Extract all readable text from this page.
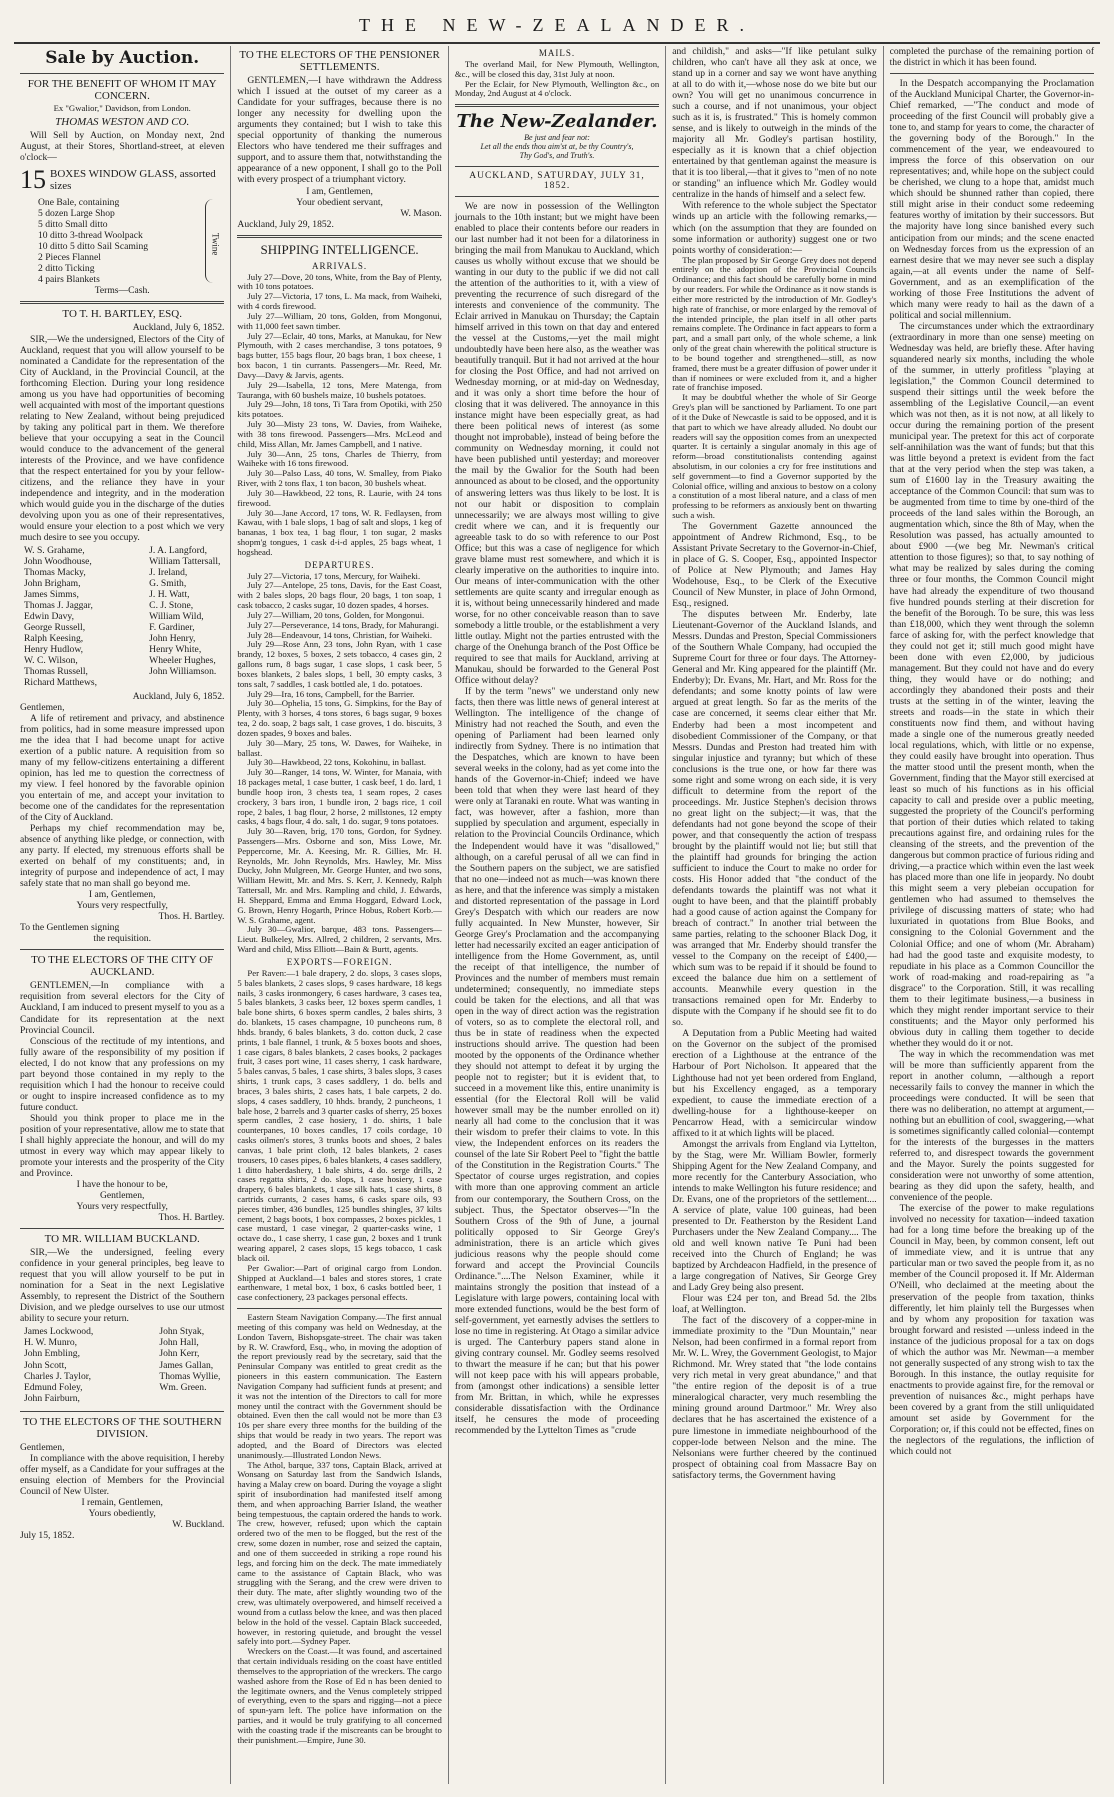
THE NEW-ZEALANDER.
Sale by Auction.
FOR THE BENEFIT OF WHOM IT MAY CONCERN.

Ex "Gwalior," Davidson, from London.

THOMAS WESTON AND CO.

Will Sell by Auction, on Monday next, 2nd August, at their Stores, Shortland-street, at eleven o'clock—

15 BOXES WINDOW GLASS, assorted sizes

One Bale, containing

5 dozen Large Shop

5 ditto Small ditto

10 ditto 3-thread Woolpack

10 ditto 5 ditto Sail Scaming

2 Pieces Flannel

2 ditto Ticking

4 pairs Blankets

Twine

Terms—Cash.

TO T. H. BARTLEY, ESQ.

Auckland, July 6, 1852.

SIR,—We the undersigned, Electors of the City of Auckland, request that you will allow yourself to be nominated a Candidate for the representation of the City of Auckland, in the Provincial Council, at the forthcoming Election. During your long residence among us you have had opportunities of becoming well acquainted with most of the important questions relating to New Zealand, without being prejudiced by taking any political part in them. We therefore believe that your occupying a seat in the Council would conduce to the advancement of the general interests of the Province, and we have confidence that the respect entertained for you by your fellow-citizens, and the reliance they have in your independence and integrity, and in the moderation which would guide you in the discharge of the duties devolving upon you as one of their representatives, would ensure your election to a post which we very much desire to see you occupy.

W. S. Grahame,

John Woodhouse,

Thomas Macky,

John Brigham,

James Simms,

Thomas J. Jaggar,

Edwin Davy,

George Russell,

Ralph Keesing,

Henry Hudlow,

W. C. Wilson,

Thomas Russell,

Richard Matthews,

J. A. Langford,

William Tattersall,

J. Ireland,

G. Smith,

J. H. Watt,

C. J. Stone,

William Wild,

F. Gardiner,

John Henry,

Henry White,

Wheeler Hughes,

John Williamson.

Auckland, July 6, 1852.

Gentlemen,

A life of retirement and privacy, and abstinence from politics, had in some measure impressed upon me the idea that I had become unapt for active exertion of a public nature. A requisition from so many of my fellow-citizens entertaining a different opinion, has led me to question the correctness of my view. I feel honored by the favorable opinion you entertain of me, and accept your invitation to become one of the candidates for the representation of the City of Auckland.

Perhaps my chief recommendation may be, absence of anything like pledge, or connection, with any party. If elected, my strenuous efforts shall be exerted on behalf of my constituents; and, in integrity of purpose and independence of act, I may safely state that no man shall go beyond me.

I am, Gentlemen,

Yours very respectfully,

Thos. H. Bartley.

To the Gentlemen signing

the requisition.

TO THE ELECTORS OF THE CITY OF AUCKLAND.

GENTLEMEN,—In compliance with a requisition from several electors for the City of Auckland, I am induced to present myself to you as a Candidate for its representation at the next Provincial Council.

Conscious of the rectitude of my intentions, and fully aware of the responsibility of my position if elected, I do not know that any professions on my part beyond those contained in my reply to the requisition which I had the honour to receive could or ought to inspire increased confidence as to my future conduct.

Should you think proper to place me in the position of your representative, allow me to state that I shall highly appreciate the honour, and will do my utmost in every way which may appear likely to promote your interests and the prosperity of the City and Province.

I have the honour to be,

Gentlemen,

Yours very respectfully,

Thos. H. Bartley.

TO MR. WILLIAM BUCKLAND.

SIR,—We the undersigned, feeling every confidence in your general principles, beg leave to request that you will allow yourself to be put in nomination for a Seat in the next Legislative Assembly, to represent the District of the Southern Division, and we pledge ourselves to use our utmost ability to secure your return.

James Lockwood,

H. W. Munro,

John Embling,

John Scott,

Charles J. Taylor,

Edmund Foley,

John Fairburn,

John Styak,

John Hall,

John Kerr,

James Gallan,

Thomas Wyllie,

Wm. Green.

TO THE ELECTORS OF THE SOUTHERN DIVISION.

Gentlemen,

In compliance with the above requisition, I hereby offer myself, as a Candidate for your suffrages at the ensuing election of Members for the Provincial Council of New Ulster.

I remain, Gentlemen,

Yours obediently,

W. Buckland.

July 15, 1852.

TO THE ELECTORS OF THE PENSIONER SETTLEMENTS.

GENTLEMEN,—I have withdrawn the Address which I issued at the outset of my career as a Candidate for your suffrages, because there is no longer any necessity for dwelling upon the arguments they contained; but I wish to take this special opportunity of thanking the numerous Electors who have tendered me their suffrages and support, and to assure them that, notwithstanding the appearance of a new opponent, I shall go to the Poll with every prospect of a triumphant victory.

I am, Gentlemen,

Your obedient servant,

W. Mason.

Auckland, July 29, 1852.

SHIPPING INTELLIGENCE.
ARRIVALS.

July 27—Dove, 20 tons, White, from the Bay of Plenty, with 10 tons potatoes.

July 27—Victoria, 17 tons, L. Ma mack, from Waiheki, with 4 cords firewood.

July 27—William, 20 tons, Golden, from Mongonui, with 11,000 feet sawn timber.

July 27—Eclair, 40 tons, Marks, at Manukau, for New Plymouth, with 2 cases merchandise, 3 tons potatoes, 9 bags butter, 155 bags flour, 20 bags bran, 1 box cheese, 1 box bacon, 1 tin currants. Passengers—Mr. Reed, Mr. Davy—Davy & Jarvis, agents.

July 29—Isabella, 12 tons, Mere Matenga, from Tauranga, with 60 bushels maize, 10 bushels potatoes.

July 29—John, 18 tons, Ti Tara from Opotiki, with 250 kits potatoes.

July 30—Misty 23 tons, W. Davies, from Waiheke, with 38 tons firewood. Passengers—Mrs. McLeod and child, Miss Allan, Mr. James Campbell, and 1 native.

July 30—Ann, 25 tons, Charles de Thierry, from Waiheke with 16 tons firewood.

July 30—Palso Lass, 40 tons, W. Smalley, from Piako River, with 2 tons flax, 1 ton bacon, 30 bushels wheat.

July 30—Hawkbeod, 22 tons, R. Laurie, with 24 tons firewood.

July 30—Jane Accord, 17 tons, W. R. Fedlaysen, from Kawau, with 1 bale slops, 1 bag of salt and slops, 1 keg of bananas, 1 box tea, 1 bag flour, 1 ton sugar, 2 masks shopm'g tongues, 1 cask d-i-d apples, 25 bags wheat, 1 hogshead.

DEPARTURES.

July 27—Victoria, 17 tons, Mercury, for Waiheki.

July 27—Antelope, 25 tons, Davis, for the East Coast, with 2 bales slops, 20 bags flour, 20 bags, 1 ton soap, 1 cask tobacco, 2 casks sugar, 10 dozen spades, 4 horses.

July 27—William, 20 tons, Golden, for Mongonui.

July 27—Perseverance, 14 tons, Brady, for Mahurangi.

July 28—Endeavour, 14 tons, Christian, for Waiheki.

July 29—Rose Ann, 23 tons, John Ryan, with 1 case brandy, 12 boxes, 5 boxes, 2 sets tobacco, 4 cases gin, 2 gallons rum, 8 bags sugar, 1 case slops, 1 cask beer, 5 boxes blankets, 2 bales slops, 1 bell, 30 empty casks, 3 tons salt, 7 saddles, 1 cask bottled ale, 1 do. potatoes.

July 29—Ira, 16 tons, Campbell, for the Barrier.

July 30—Ophelia, 15 tons, G. Simpkins, for the Bay of Plenty, with 3 horses, 4 tons stores, 6 bags sugar, 9 boxes tea, 2 do. soap, 2 bags salt, 1 case groves, 1 do. biscuits, 3 dozen spades, 9 boxes and bales.

July 30—Mary, 25 tons, W. Dawes, for Waiheke, in ballast.

July 30—Hawkbeod, 22 tons, Kokohinu, in ballast.

July 30—Ranger, 14 tons, W. Winter, for Manaia, with 18 packages metal, 1 case butter, 1 cask beef, 1 do. lard, 1 bundle hoop iron, 3 chests tea, 1 seam ropes, 2 cases crockery, 3 bars iron, 1 bundle iron, 2 bags rice, 1 coil rope, 2 bales, 1 bag flour, 2 horse, 2 millstones, 12 empty casks, 4 bags flour, 4 do. salt, 1 do. sugar, 9 tons potatoes.

July 30—Raven, brig, 170 tons, Gordon, for Sydney. Passengers—Mrs. Osborne and son, Miss Lowe, Mr. Peppercorne, Mr. A. Keesing, Mr. R. Gillies, Mr. H. Reynolds, Mr. John Reynolds, Mrs. Hawley, Mr. Miss Ducky, John Mulgreen, Mr. George Hunter, and two sons, William Hewitt, Mr. and Mrs. S. Kerr, J. Kennedy, Ralph Tattersall, Mr. and Mrs. Rampling and child, J. Edwards, H. Sheppard, Emma and Emma Hoggard, Edward Lock, G. Brown, Henry Hogarth, Prince Hobus, Robert Korb.—W. S. Grahame, agent.

July 30—Gwalior, barque, 483 tons. Passengers—Lieut. Bulkeley, Mrs. Allred, 2 children, 2 servants, Mrs. Ward and child, Miss Elliott—Bain & Burtt, agents.

EXPORTS—FOREIGN.

Per Raven:—1 bale drapery, 2 do. slops, 3 cases slops, 5 bales blankets, 2 cases slops, 9 cases hardware, 18 kegs nails, 3 casks ironmongery, 6 cases hardware, 3 cases tea, 5 bales blankets, 3 casks beer, 12 boxes sperm candles, 1 bale bone shirts, 6 boxes sperm candles, 2 bales shirts, 3 do. blankets, 15 cases champagne, 10 puncheons rum, 8 hhds. brandy, 6 bales blankets, 3 do. cotton duck, 2 case prints, 1 bale flannel, 1 trunk, & 5 boxes boots and shoes, 1 case cigars, 8 bales blankets, 2 cases books, 2 packages fruit, 3 cases port wine, 11 cases sherry, 1 cask hardware, 5 bales canvas, 5 bales, 1 case shirts, 3 bales slops, 3 cases shirts, 1 trunk caps, 3 cases saddlery, 1 do. bells and braces, 3 bales shirts, 2 cases hats, 1 bale carpets, 2 do. slops, 4 cases saddlery, 10 hhds. brandy, 2 puncheons, 1 bale hose, 2 barrels and 3 quarter casks of sherry, 25 boxes sperm candles, 2 case hosiery, 1 do. shirts, 1 bale counterpanes, 10 boxes candles, 17 coils cordage, 10 casks oilmen's stores, 3 trunks boots and shoes, 2 bales canvas, 1 bale print cloth, 12 bales blankets, 2 cases trousers, 10 cases pipes, 6 bales blankets, 4 cases saddlery, 1 ditto haberdashery, 1 bale shirts, 4 do. serge drills, 2 cases regatta shirts, 2 do. slops, 1 case hosiery, 1 case drapery, 6 bales blankets, 1 case silk hats, 1 case shirts, 8 cartrids currants, 2 cases hams, 6 casks spare oils, 93 pieces timber, 436 bundles, 125 bundles shingles, 37 kilts cement, 2 bags boots, 1 box compasses, 2 boxes pickles, 1 case mustard, 1 case vinegar, 2 quarter-casks wine, 1 octave do., 1 case sherry, 1 case gun, 2 boxes and 1 trunk wearing apparel, 2 cases slops, 15 kegs tobacco, 1 cask black oil.

Per Gwalior:—Part of original cargo from London. Shipped at Auckland—1 bales and stores stores, 1 crate earthenware, 1 metal box, 1 box, 6 casks bottled beer, 1 case confectionery, 23 packages personal effects.

Eastern Steam Navigation Company.—The first annual meeting of this company was held on Wednesday, at the London Tavern, Bishopsgate-street. The chair was taken by R. W. Crawford, Esq., who, in moving the adoption of the report previously read by the secretary, said that the Peninsular Company was entitled to great credit as the pioneers in this eastern communication. The Eastern Navigation Company had sufficient funds at present; and it was not the intention of the Directors to call for more money until the contract with the Government should be obtained. Even then the call would not be more than £3 10s per share every three months for the building of the ships that would be ready in two years. The report was adopted, and the Board of Directors was elected unanimously.—Illustrated London News.

The Athol, barque, 337 tons, Captain Black, arrived at Wonsang on Saturday last from the Sandwich Islands, having a Malay crew on board. During the voyage a slight spirit of insubordination had manifested itself among them, and when approaching Barrier Island, the weather being tempestuous, the captain ordered the hands to work. The crew, however, refused; upon which the captain ordered two of the men to be flogged, but the rest of the crew, some dozen in number, rose and seized the captain, and one of them succeeded in striking a rope round his legs, and forcing him on the deck. The mate immediately came to the assistance of Captain Black, who was struggling with the Serang, and the crew were driven to their duty. The mate, after slightly wounding two of the crew, was ultimately overpowered, and himself received a wound from a cutlass below the knee, and was then placed below in the hold of the vessel. Captain Black succeeded, however, in restoring quietude, and brought the vessel safely into port.—Sydney Paper.

Wreckers on the Coast.—It was found, and ascertained that certain individuals residing on the coast have entitled themselves to the appropriation of the wreckers. The cargo washed ashore from the Rose of Ed n has been denied to the legitimate owners, and the Venus completely stripped of everything, even to the spars and rigging—not a piece of spun-yarn left. The police have information on the parties, and it would be truly gratifying to all concerned with the coasting trade if the miscreants can be brought to their punishment.—Empire, June 30.

MAILS.

The overland Mail, for New Plymouth, Wellington, &c., will be closed this day, 31st July at noon.

Per the Eclair, for New Plymouth, Wellington &c., on Monday, 2nd August at 4 o'clock.

The New-Zealander.
Be just and fear not:
Let all the ends thou aim'st at, be thy Country's,
Thy God's, and Truth's.
AUCKLAND, SATURDAY, JULY 31, 1852.

We are now in possession of the Wellington journals to the 10th instant; but we might have been enabled to place their contents before our readers in our last number had it not been for a dilatoriness in bringing the mail from Manukau to Auckland, which causes us wholly without excuse that we should be wanting in our duty to the public if we did not call the attention of the authorities to it, with a view of preventing the recurrence of such disregard of the interests and convenience of the community. The Eclair arrived in Manukau on Thursday; the Captain himself arrived in this town on that day and entered the vessel at the Customs,—yet the mail might undoubtedly have been here also, as the weather was beautifully tranquil. But it had not arrived at the hour for closing the Post Office, and had not arrived on Wednesday morning, or at mid-day on Wednesday, and it was only a short time before the hour of closing that it was delivered. The annoyance in this instance might have been especially great, as had there been political news of interest (as some thought not improbable), instead of being before the community on Wednesday morning, it could not have been published until yesterday; and moreover the mail by the Gwalior for the South had been announced as about to be closed, and the opportunity of answering letters was thus likely to be lost. It is not our habit or disposition to complain unnecessarily; we are always most willing to give credit where we can, and it is frequently our agreeable task to do so with reference to our Post Office; but this was a case of negligence for which grave blame must rest somewhere, and which it is clearly imperative on the authorities to inquire into. Our means of inter-communication with the other settlements are quite scanty and irregular enough as it is, without being unnecessarily hindered and made worse, for no other conceivable reason than to save somebody a little trouble, or the establishment a very little outlay. Might not the parties entrusted with the charge of the Onehunga branch of the Post Office be required to see that mails for Auckland, arriving at Manukau, should be forwarded to the General Post Office without delay?

If by the term "news" we understand only new facts, then there was little news of general interest at Wellington. The intelligence of the change of Ministry had not reached the South, and even the opening of Parliament had been learned only indirectly from Sydney. There is no intimation that the Despatches, which are known to have been several weeks in the colony, had as yet come into the hands of the Governor-in-Chief; indeed we have been told that when they were last heard of they were only at Taranaki en route. What was wanting in fact, was however, after a fashion, more than supplied by speculation and argument, especially in relation to the Provincial Councils Ordinance, which the Independent would have it was "disallowed," although, on a careful perusal of all we can find in the Southern papers on the subject, we are satisfied that no one—indeed not as much—was known there as here, and that the inference was simply a mistaken and distorted representation of the passage in Lord Grey's Despatch with which our readers are now fully acquainted. In New Munster, however, Sir George Grey's Proclamation and the accompanying letter had necessarily excited an eager anticipation of intelligence from the Home Government, as, until the receipt of that intelligence, the number of Provinces and the number of members must remain undetermined; consequently, no immediate steps could be taken for the elections, and all that was open in the way of direct action was the registration of voters, so as to complete the electoral roll, and thus be in state of readiness when the expected instructions should arrive. The question had been mooted by the opponents of the Ordinance whether they should not attempt to defeat it by urging the people not to register; but it is evident that, to succeed in a movement like this, entire unanimity is essential (for the Electoral Roll will be valid however small may be the number enrolled on it) nearly all had come to the conclusion that it was their wisdom to prefer their claims to vote. In this view, the Independent enforces on its readers the counsel of the late Sir Robert Peel to "fight the battle of the Constitution in the Registration Courts." The Spectator of course urges registration, and copies with more than one approving comment an article from our contemporary, the Southern Cross, on the subject. Thus, the Spectator observes—"In the Southern Cross of the 9th of June, a journal politically opposed to Sir George Grey's administration, there is an article which gives judicious reasons why the people should come forward and accept the Provincial Councils Ordinance."....The Nelson Examiner, while it maintains strongly the position that instead of a Legislature with large powers, containing local with more extended functions, would be the best form of self-government, yet earnestly advises the settlers to lose no time in registering. At Otago a similar advice is urged. The Canterbury papers stand alone in giving contrary counsel. Mr. Godley seems resolved to thwart the measure if he can; but that his power will not keep pace with his will appears probable, from (amongst other indications) a sensible letter from Mr. Brittan, in which, while he expresses considerable dissatisfaction with the Ordinance itself, he censures the mode of proceeding recommended by the Lyttelton Times as "crude

and childish," and asks—"If like petulant sulky children, who can't have all they ask at once, we stand up in a corner and say we wont have anything at all to do with it,—whose nose do we bite but our own? You will get no unanimous concurrence in such a course, and if not unanimous, your object such as it is, is frustrated." This is homely common sense, and is likely to outweigh in the minds of the majority all Mr. Godley's partisan hostility, especially as it is known that a chief objection entertained by that gentleman against the measure is that it is too liberal,—that it gives to "men of no note or standing" an influence which Mr. Godley would centralize in the hands of himself and a select few.

With reference to the whole subject the Spectator winds up an article with the following remarks,—which (on the assumption that they are founded on some information or authority) suggest one or two points worthy of consideration:—

The plan proposed by Sir George Grey does not depend entirely on the adoption of the Provincial Councils Ordinance; and this fact should be carefully borne in mind by our readers. For while the Ordinance as it now stands is either more restricted by the introduction of Mr. Godley's high rate of franchise, or more enlarged by the removal of the intended principle, the plan itself in all other parts remains complete. The Ordinance in fact appears to form a part, and a small part only, of the whole scheme, a link only of the great chain wherewith the political structure is to be bound together and strengthened—still, as now framed, there must be a greater diffusion of power under it than if nominees or were excluded from it, and a higher rate of franchise imposed.

It may be doubtful whether the whole of Sir George Grey's plan will be sanctioned by Parliament. To one part of it the Duke of Newcastle is said to be opposed, and it is that part to which we have already alluded. No doubt our readers will say the opposition comes from an unexpected quarter. It is certainly a singular anomaly in this age of reform—broad constitutionalists contending against absolutism, in our colonies a cry for free institutions and self government—to find a Governor supported by the Colonial office, willing and anxious to bestow on a colony a constitution of a most liberal nature, and a class of men professing to be reformers as anxiously bent on thwarting such a wish.

The Government Gazette announced the appointment of Andrew Richmond, Esq., to be Assistant Private Secretary to the Governor-in-Chief, in place of G. S. Cooper, Esq., appointed Inspector of Police at New Plymouth; and James Hay Wodehouse, Esq., to be Clerk of the Executive Council of New Munster, in place of John Ormond, Esq., resigned.

The disputes between Mr. Enderby, late Lieutenant-Governor of the Auckland Islands, and Messrs. Dundas and Preston, Special Commissioners of the Southern Whale Company, had occupied the Supreme Court for three or four days. The Attorney-General and Mr. King appeared for the plaintiff (Mr. Enderby); Dr. Evans, Mr. Hart, and Mr. Ross for the defendants; and some knotty points of law were argued at great length. So far as the merits of the case are concerned, it seems clear either that Mr. Enderby had been a most incompetent and disobedient Commissioner of the Company, or that Messrs. Dundas and Preston had treated him with singular injustice and tyranny; but which of these conclusions is the true one, or how far there was some right and some wrong on each side, it is very difficult to determine from the report of the proceedings. Mr. Justice Stephen's decision throws no great light on the subject;—it was, that the defendants had not gone beyond the scope of their power, and that consequently the action of trespass brought by the plaintiff would not lie; but still that the plaintiff had grounds for bringing the action sufficient to induce the Court to make no order for costs. His Honor added that "the conduct of the defendants towards the plaintiff was not what it ought to have been, and that the plaintiff probably had a good cause of action against the Company for breach of contract." In another trial between the same parties, relating to the schooner Black Dog, it was arranged that Mr. Enderby should transfer the vessel to the Company on the receipt of £400,—which sum was to be repaid if it should be found to exceed the balance due him on a settlement of accounts. Meanwhile every question in the transactions remained open for Mr. Enderby to dispute with the Company if he should see fit to do so.

A Deputation from a Public Meeting had waited on the Governor on the subject of the promised erection of a Lighthouse at the entrance of the Harbour of Port Nicholson. It appeared that the Lighthouse had not yet been ordered from England, but his Excellency engaged, as a temporary expedient, to cause the immediate erection of a dwelling-house for a lighthouse-keeper on Pencarrow Head, with a semicircular window affixed to it at which lights will be placed.

Amongst the arrivals from England via Lyttelton, by the Stag, were Mr. William Bowler, formerly Shipping Agent for the New Zealand Company, and more recently for the Canterbury Association, who intends to make Wellington his future residence; and Dr. Evans, one of the proprietors of the settlement.... A service of plate, value 100 guineas, had been presented to Dr. Featherston by the Resident Land Purchasers under the New Zealand Company.... The old and well known native Te Puni had been received into the Church of England; he was baptized by Archdeacon Hadfield, in the presence of a large congregation of Natives, Sir George Grey and Lady Grey being also present.

Flour was £24 per ton, and Bread 5d. the 2lbs loaf, at Wellington.

The fact of the discovery of a copper-mine in immediate proximity to the "Dun Mountain," near Nelson, had been confirmed in a formal report from Mr. W. L. Wrey, the Government Geologist, to Major Richmond. Mr. Wrey stated that "the lode contains very rich metal in very great abundance," and that "the entire region of the deposit is of a true mineralogical character, very much resembling the mining ground around Dartmoor." Mr. Wrey also declares that he has ascertained the existence of a pure limestone in immediate neighbourhood of the copper-lode between Nelson and the mine. The Nelsonians were further cheered by the continued prospect of obtaining coal from Massacre Bay on satisfactory terms, the Government having

completed the purchase of the remaining portion of the district in which it has been found.

In the Despatch accompanying the Proclamation of the Auckland Municipal Charter, the Governor-in-Chief remarked, —"The conduct and mode of proceeding of the first Council will probably give a tone to, and stamp for years to come, the character of the governing body of the Borough." In the commencement of the year, we endeavoured to impress the force of this observation on our representatives; and, while hope on the subject could be cherished, we clung to a hope that, amidst much which should be shunned rather than copied, there still might arise in their conduct some redeeming features worthy of imitation by their successors. But the majority have long since banished every such anticipation from our minds; and the scene enacted on Wednesday forces from us the expression of an earnest desire that we may never see such a display again,—at all events under the name of Self-Government, and as an exemplification of the working of those Free Institutions the advent of which many were ready to hail as the dawn of a political and social millennium.

The circumstances under which the extraordinary (extraordinary in more than one sense) meeting on Wednesday was held, are briefly these. After having squandered nearly six months, including the whole of the summer, in utterly profitless "playing at legislation," the Common Council determined to suspend their sittings until the week before the assembling of the Legislative Council,—an event which was not then, as it is not now, at all likely to occur during the remaining portion of the present municipal year. The pretext for this act of corporate self-annihilation was the want of funds; but that this was little beyond a pretext is evident from the fact that at the very period when the step was taken, a sum of £1600 lay in the Treasury awaiting the acceptance of the Common Council: that sum was to be augmented from time to time by one-third of the proceeds of the land sales within the Borough, an augmentation which, since the 8th of May, when the Resolution was passed, has actually amounted to about £900 —(we beg Mr. Newman's critical attention to those figures); so that, to say nothing of what may be realized by sales during the coming three or four months, the Common Council might have had already the expenditure of two thousand five hundred pounds sterling at their discretion for the benefit of the Borough. To be sure, this was less than £18,000, which they went through the solemn farce of asking for, with the perfect knowledge that they could not get it; still much good might have been done with even £2,000, by judicious management. But they could not have and do every thing, they would have or do nothing; and accordingly they abandoned their posts and their trusts at the setting in of the winter, leaving the streets and roads—in the state in which their constituents now find them, and without having made a single one of the numerous greatly needed local regulations, which, with little or no expense, they could easily have brought into operation. Thus the matter stood until the present month, when the Government, finding that the Mayor still exercised at least so much of his functions as in his official capacity to call and preside over a public meeting, suggested the propriety of the Council's performing that portion of their duties which related to taking precautions against fire, and ordaining rules for the cleansing of the streets, and the prevention of the dangerous but common practice of furious riding and driving,—a practice which within even the last week has placed more than one life in jeopardy. No doubt this might seem a very plebeian occupation for gentlemen who had assumed to themselves the privilege of discussing matters of state; who had luxuriated in quotations from Blue Books, and consigning to the Colonial Government and the Colonial Office; and one of whom (Mr. Abraham) had had the good taste and exquisite modesty, to repudiate in his place as a Common Councillor the work of road-making and road-repairing as "a disgrace" to the Corporation. Still, it was recalling them to their legitimate business,—a business in which they might render important service to their constituents; and the Mayor only performed his obvious duty in calling them together to decide whether they would do it or not.

The way in which the recommendation was met will be more than sufficiently apparent from the report in another column, —although a report necessarily fails to convey the manner in which the proceedings were conducted. It will be seen that there was no deliberation, no attempt at argument,—nothing but an ebullition of cool, swaggering,—what is sometimes significantly called colonial—contempt for the interests of the burgesses in the matters referred to, and disrespect towards the government and the Mayor. Surely the points suggested for consideration were not unworthy of some attention, bearing as they did upon the safety, health, and convenience of the people.

The exercise of the power to make regulations involved no necessity for taxation—indeed taxation had for a long time before the breaking up of the Council in May, been, by common consent, left out of immediate view, and it is untrue that any particular man or two saved the people from it, as no member of the Council proposed it. If Mr. Alderman O'Neill, who declaimed at the meeting about the preservation of the people from taxation, thinks differently, let him plainly tell the Burgesses when and by whom any proposition for taxation was brought forward and resisted —unless indeed in the instance of the judicious proposal for a tax on dogs of which the author was Mr. Newman—a member not generally suspected of any strong wish to tax the Borough. In this instance, the outlay requisite for enactments to provide against fire, for the removal or prevention of nuisances &c., might perhaps have been covered by a grant from the still unliquidated amount set aside by Government for the Corporation; or, if this could not be effected, fines on the neglectors of the regulations, the infliction of which could not
